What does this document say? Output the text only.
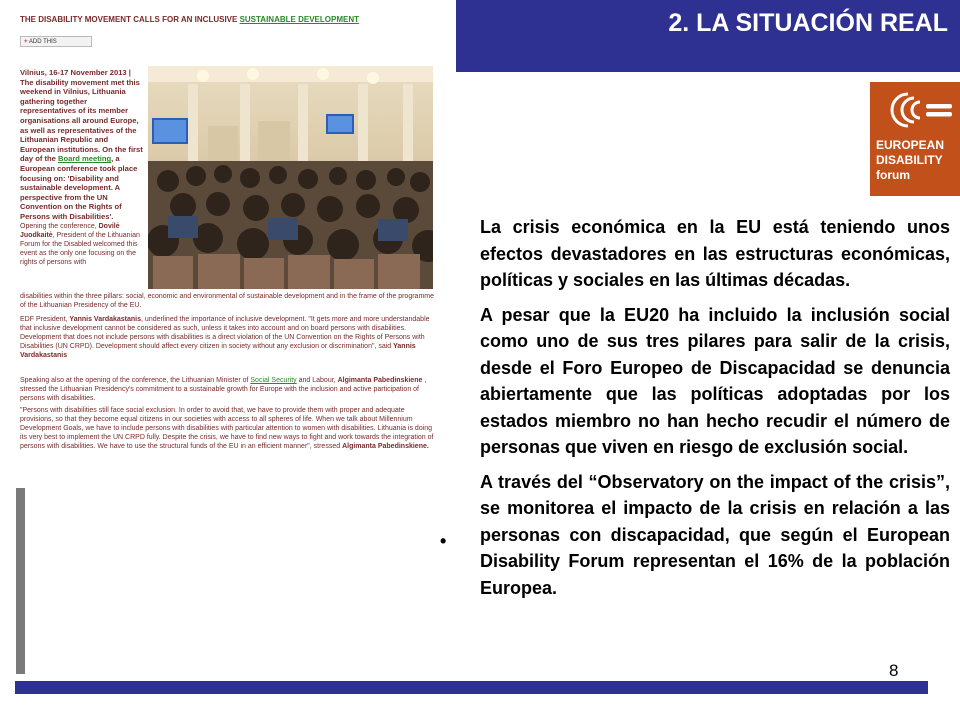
2. LA SITUACIÓN REAL
EUROPEAN
DISABILITY
forum
THE DISABILITY MOVEMENT CALLS FOR AN INCLUSIVE SUSTAINABLE DEVELOPMENT
+ ADD THIS
Vilnius, 16-17 November 2013 | The disability movement met this weekend in Vilnius, Lithuania gathering together representatives of its member organisations all around Europe, as well as representatives of the Lithuanian Republic and European institutions. On the first day of the Board meeting, a European conference took place focusing on: 'Disability and sustainable development. A perspective from the UN Convention on the Rights of Persons with Disabilities'.
Opening the conference, Dovilė Juodkaitė, President of the Lithuanian Forum for the Disabled welcomed this event as the only one focusing on the rights of persons with
disabilities within the three pillars: social, economic and environmental of sustainable development and in the frame of the programme of the Lithuanian Presidency of the EU.
EDF President, Yannis Vardakastanis, underlined the importance of inclusive development. "It gets more and more understandable that inclusive development cannot be considered as such, unless it takes into account and on board persons with disabilities. Development that does not include persons with disabilities is a direct violation of the UN Convention on the Rights of Persons with Disabilities (UN CRPD). Development should affect every citizen in society without any exclusion or discrimination", said Yannis Vardakastanis
Speaking also at the opening of the conference, the Lithuanian Minister of Social Security and Labour, Algimanta Pabedinskiene , stressed the Lithuanian Presidency's commitment to a sustainable growth for Europe with the inclusion and active participation of persons with disabilities.
"Persons with disabilities still face social exclusion. In order to avoid that, we have to provide them with proper and adequate provisions, so that they become equal citizens in our societies with access to all spheres of life. When we talk about Millennium Development Goals, we have to include persons with disabilities with particular attention to women with disabilities. Lithuania is doing its very best to implement the UN CRPD fully. Despite the crisis, we have to find new ways to fight and work towards the integration of persons with disabilities. We have to use the structural funds of the EU in an efficient manner", stressed Algimanta Pabedinskiene.

La crisis económica en la EU está teniendo unos efectos devastadores en las estructuras económicas, políticas y sociales en las últimas décadas.

A pesar que la EU20 ha incluido la inclusión social como uno de sus tres pilares para salir de la crisis, desde el Foro Europeo de Discapacidad se denuncia abiertamente que las políticas adoptadas por los estados miembro no han hecho recudir el número de personas que viven en riesgo de exclusión social.

A través del “Observatory on the impact of the crisis”, se monitorea el impacto de la crisis en relación a las personas con discapacidad, que según el European Disability Forum representan el 16% de la población Europea.

•
8
